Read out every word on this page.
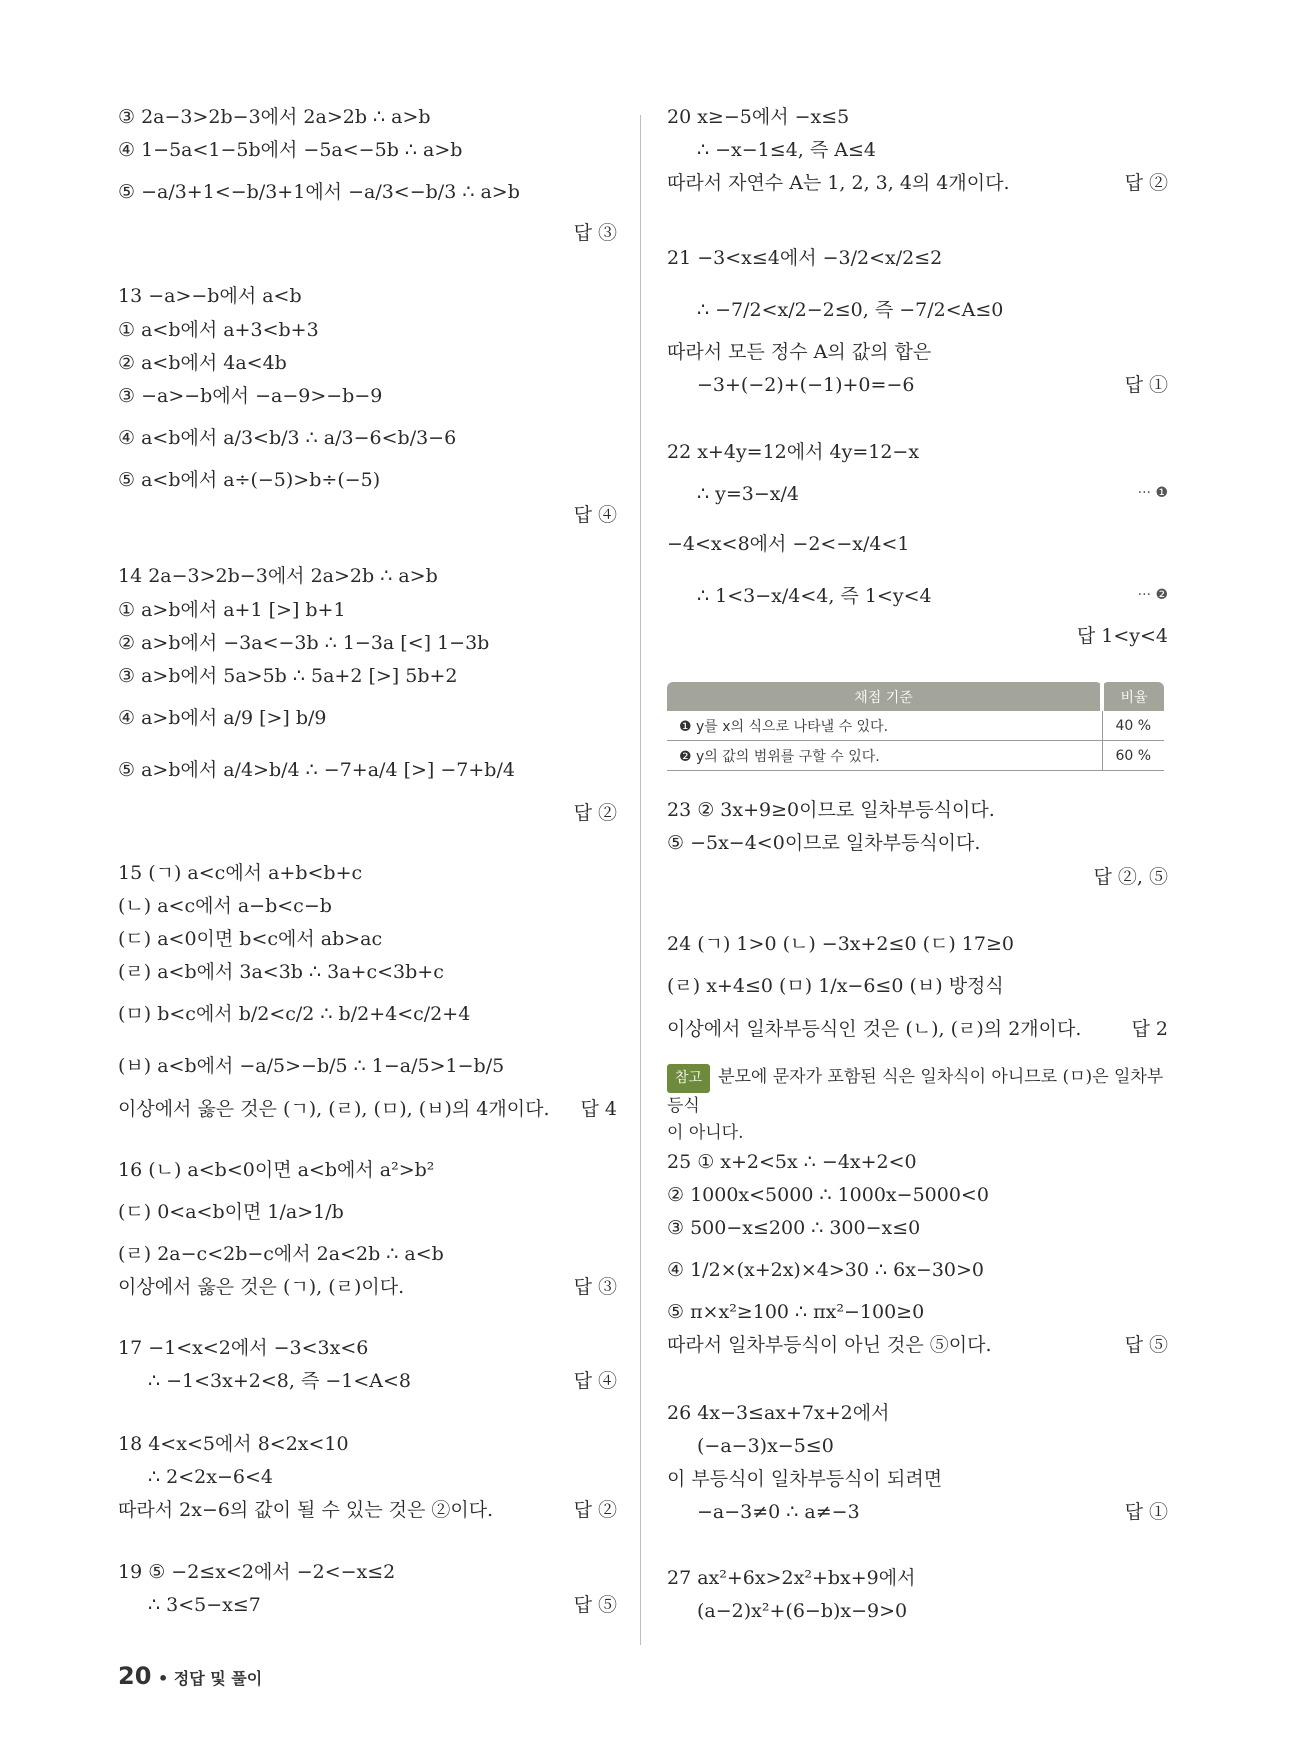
③ 2a−3>2b−3에서 2a>2b ∴ a>b
④ 1−5a<1−5b에서 −5a<−5b ∴ a>b
⑤ −a/3+1<−b/3+1에서 −a/3<−b/3 ∴ a>b
답 ③
13 −a>−b에서 a<b
① a<b에서 a+3<b+3
② a<b에서 4a<4b
③ −a>−b에서 −a−9>−b−9
④ a<b에서 a/3<b/3 ∴ a/3−6<b/3−6
⑤ a<b에서 a÷(−5)>b÷(−5)
답 ④
14 2a−3>2b−3에서 2a>2b ∴ a>b
① a>b에서 a+1 [>] b+1
② a>b에서 −3a<−3b ∴ 1−3a [<] 1−3b
③ a>b에서 5a>5b ∴ 5a+2 [>] 5b+2
④ a>b에서 a/9 [>] b/9
⑤ a>b에서 a/4>b/4 ∴ −7+a/4 [>] −7+b/4
답 ②
15 (ㄱ) a<c에서 a+b<b+c
(ㄴ) a<c에서 a−b<c−b
(ㄷ) a<0이면 b<c에서 ab>ac
(ㄹ) a<b에서 3a<3b ∴ 3a+c<3b+c
(ㅁ) b<c에서 b/2<c/2 ∴ b/2+4<c/2+4
(ㅂ) a<b에서 −a/5>−b/5 ∴ 1−a/5>1−b/5
이상에서 옳은 것은 (ㄱ), (ㄹ), (ㅁ), (ㅂ)의 4개이다.
16 (ㄴ) a<b<0이면 a<b에서 a²>b²
(ㄷ) 0<a<b이면 1/a>1/b
(ㄹ) 2a−c<2b−c에서 2a<2b ∴ a<b
이상에서 옳은 것은 (ㄱ), (ㄹ)이다.
17 −1<x<2에서 −3<3x<6
∴ −1<3x+2<8, 즉 −1<A<8
18 4<x<5에서 8<2x<10
∴ 2<2x−6<4
따라서 2x−6의 값이 될 수 있는 것은 ②이다.
19 ⑤ −2≤x<2에서 −2<−x≤2
∴ 3<5−x≤7
답 4
답 ③
답 ④
답 ②
답 ⑤
20 x≥−5에서 −x≤5
∴ −x−1≤4, 즉 A≤4
따라서 자연수 A는 1, 2, 3, 4의 4개이다.
21 −3<x≤4에서 −3/2<x/2≤2
∴ −7/2<x/2−2≤0, 즉 −7/2<A≤0
따라서 모든 정수 A의 값의 합은
−3+(−2)+(−1)+0=−6
22 x+4y=12에서 4y=12−x
∴ y=3−x/4
−4<x<8에서 −2<−x/4<1
∴ 1<3−x/4<4, 즉 1<y<4
23 ② 3x+9≥0이므로 일차부등식이다.
⑤ −5x−4<0이므로 일차부등식이다.
24 (ㄱ) 1>0 (ㄴ) −3x+2≤0 (ㄷ) 17≥0
(ㄹ) x+4≤0 (ㅁ) 1/x−6≤0 (ㅂ) 방정식
이상에서 일차부등식인 것은 (ㄴ), (ㄹ)의 2개이다.
25 ① x+2<5x ∴ −4x+2<0
② 1000x<5000 ∴ 1000x−5000<0
③ 500−x≤200 ∴ 300−x≤0
④ 1/2×(x+2x)×4>30 ∴ 6x−30>0
⑤ π×x²≥100 ∴ πx²−100≥0
따라서 일차부등식이 아닌 것은 ⑤이다.
26 4x−3≤ax+7x+2에서
(−a−3)x−5≤0
이 부등식이 일차부등식이 되려면
−a−3≠0 ∴ a≠−3
27 ax²+6x>2x²+bx+9에서
(a−2)x²+(6−b)x−9>0
답 ②
답 ①
답 1<y<4
답 ②, ⑤
답 2
답 ⑤
답 ①
··· ❶
··· ❷
채점 기준	비율
❶ y를 x의 식으로 나타낼 수 있다.	40 %
❷ y의 값의 범위를 구할 수 있다.	60 %
참고 분모에 문자가 포함된 식은 일차식이 아니므로 (ㅁ)은 일차부등식
이 아니다.
20 • 정답 및 풀이
